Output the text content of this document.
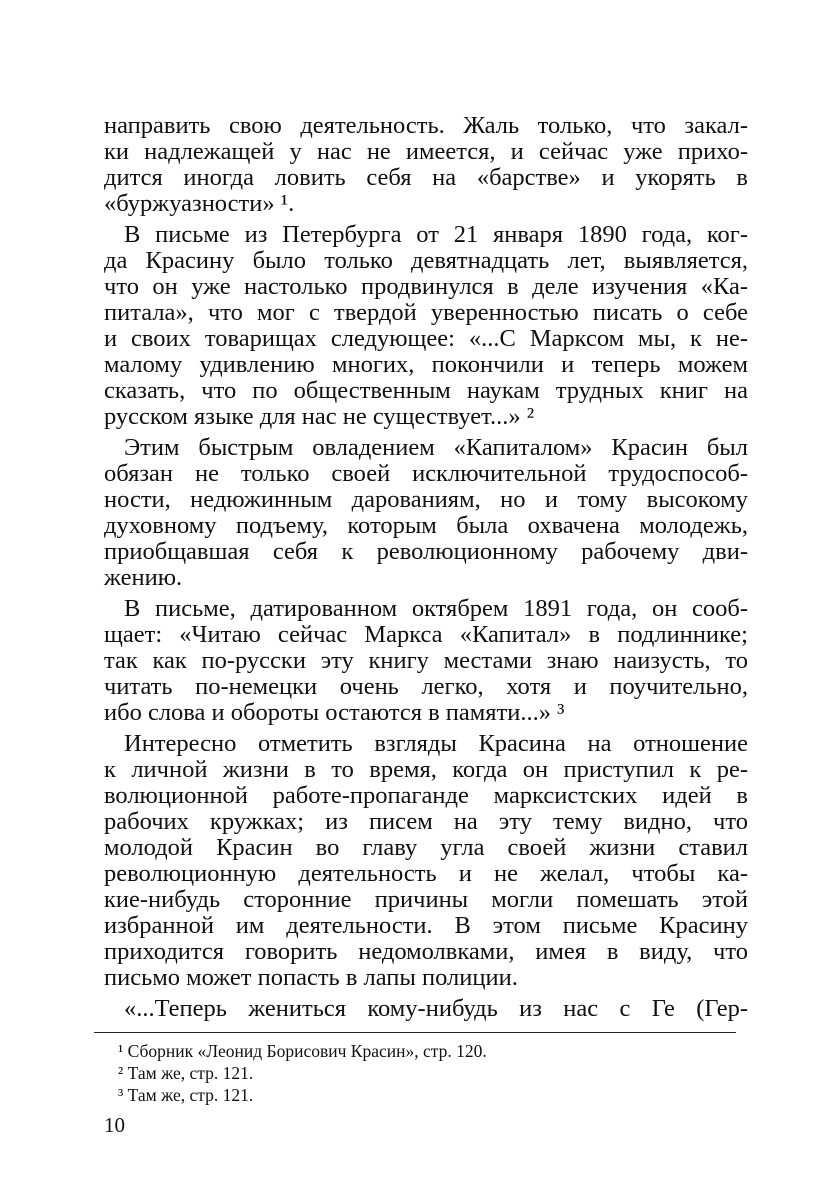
направить свою деятельность. Жаль только, что закал-
ки надлежащей у нас не имеется, и сейчас уже прихо-
дится иногда ловить себя на «барстве» и укорять в
«буржуазности» ¹.
В письме из Петербурга от 21 января 1890 года, ког-
да Красину было только девятнадцать лет, выявляется,
что он уже настолько продвинулся в деле изучения «Ка-
питала», что мог с твердой уверенностью писать о себе
и своих товарищах следующее: «...С Марксом мы, к не-
малому удивлению многих, покончили и теперь можем
сказать, что по общественным наукам трудных книг на
русском языке для нас не существует...» ²
Этим быстрым овладением «Капиталом» Красин был
обязан не только своей исключительной трудоспособ-
ности, недюжинным дарованиям, но и тому высокому
духовному подъему, которым была охвачена молодежь,
приобщавшая себя к революционному рабочему дви-
жению.
В письме, датированном октябрем 1891 года, он сооб-
щает: «Читаю сейчас Маркса «Капитал» в подлиннике;
так как по-русски эту книгу местами знаю наизусть, то
читать по-немецки очень легко, хотя и поучительно,
ибо слова и обороты остаются в памяти...» ³
Интересно отметить взгляды Красина на отношение
к личной жизни в то время, когда он приступил к ре-
волюционной работе-пропаганде марксистских идей в
рабочих кружках; из писем на эту тему видно, что
молодой Красин во главу угла своей жизни ставил
революционную деятельность и не желал, чтобы ка-
кие-нибудь сторонние причины могли помешать этой
избранной им деятельности. В этом письме Красину
приходится говорить недомолвками, имея в виду, что
письмо может попасть в лапы полиции.
«...Теперь жениться кому-нибудь из нас с Ге (Гер-
¹ Сборник «Леонид Борисович Красин», стр. 120.
² Там же, стр. 121.
³ Там же, стр. 121.
10
